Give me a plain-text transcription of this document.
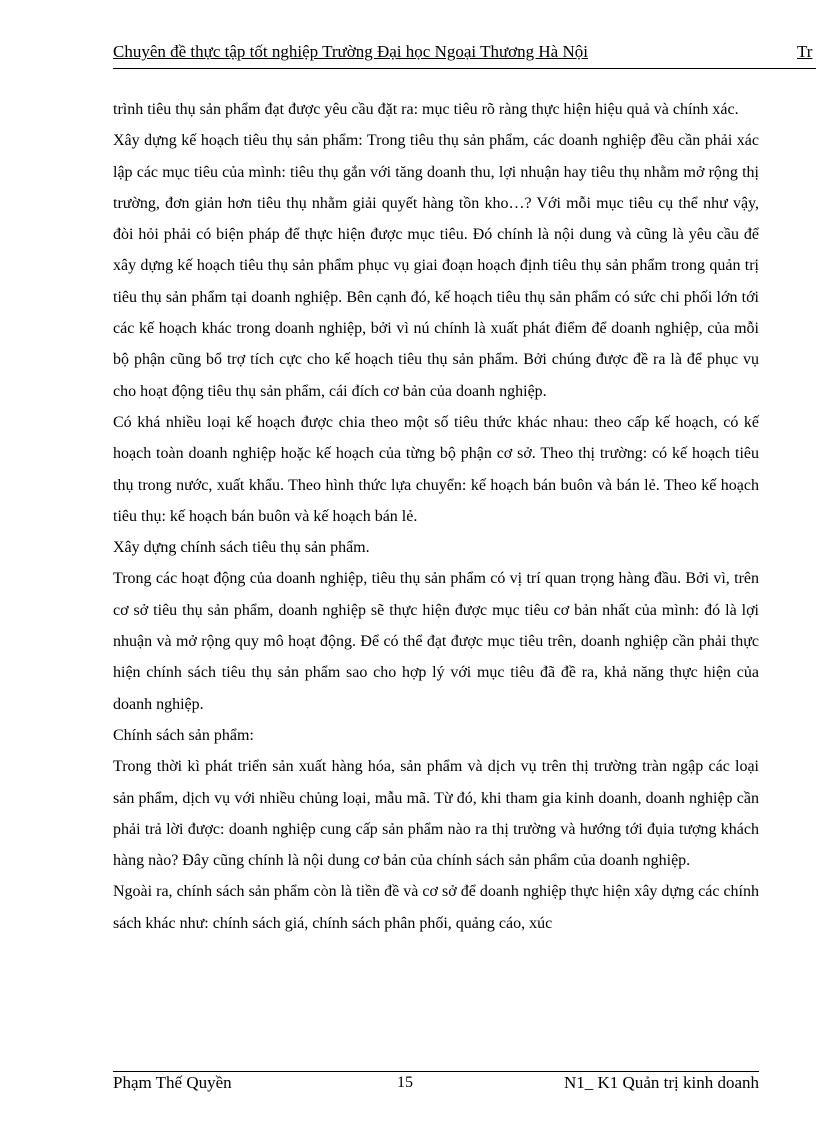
Chuyên đề thực tập tốt nghiệp Trường Đại học Ngoại Thương Hà Nội	Tr

trình tiêu thụ sản phẩm đạt được yêu cầu đặt ra: mục tiêu rõ ràng thực hiện hiệu quả và chính xác.

Xây dựng kế hoạch tiêu thụ sản phẩm: Trong tiêu thụ sản phẩm, các doanh nghiệp đều cần phải xác lập các mục tiêu của mình: tiêu thụ gắn với tăng doanh thu, lợi nhuận hay tiêu thụ nhằm mở rộng thị trường, đơn giản hơn tiêu thụ nhằm giải quyết hàng tồn kho…? Với mỗi mục tiêu cụ thể như vậy, đòi hỏi phải có biện pháp để thực hiện được mục tiêu. Đó chính là nội dung và cũng là yêu cầu để xây dựng kế hoạch tiêu thụ sản phẩm phục vụ giai đoạn hoạch định tiêu thụ sản phẩm trong quản trị tiêu thụ sản phẩm tại doanh nghiệp. Bên cạnh đó, kế hoạch tiêu thụ sản phẩm có sức chi phối lớn tới các kế hoạch khác trong doanh nghiệp, bởi vì nú chính là xuất phát điểm để doanh nghiệp, của mỗi bộ phận cũng bổ trợ tích cực cho kế hoạch tiêu thụ sản phẩm. Bởi chúng được đề ra là để phục vụ cho hoạt động tiêu thụ sản phẩm, cái đích cơ bản của doanh nghiệp.

Có khá nhiều loại kế hoạch được chia theo một số tiêu thức khác nhau: theo cấp kế hoạch, có kế hoạch toàn doanh nghiệp hoặc kế hoạch của từng bộ phận cơ sở. Theo thị trường: có kế hoạch tiêu thụ trong nước, xuất khẩu. Theo hình thức lựa chuyển: kế hoạch bán buôn và bán lẻ. Theo kế hoạch tiêu thụ: kế hoạch bán buôn và kế hoạch bán lẻ.

Xây dựng chính sách tiêu thụ sản phẩm.

Trong các hoạt động của doanh nghiệp, tiêu thụ sản phẩm có vị trí quan trọng hàng đầu. Bởi vì, trên cơ sở tiêu thụ sản phẩm, doanh nghiệp sẽ thực hiện được mục tiêu cơ bản nhất của mình: đó là lợi nhuận và mở rộng quy mô hoạt động. Để có thể đạt được mục tiêu trên, doanh nghiệp cần phải thực hiện chính sách tiêu thụ sản phẩm sao cho hợp lý với mục tiêu đã đề ra, khả năng thực hiện của doanh nghiệp.

Chính sách sản phẩm:

Trong thời kì phát triển sản xuất hàng hóa, sản phẩm và dịch vụ trên thị trường tràn ngập các loại sản phẩm, dịch vụ với nhiều chủng loại, mẫu mã. Từ đó, khi tham gia kinh doanh, doanh nghiệp cần phải trả lời được: doanh nghiệp cung cấp sản phẩm nào ra thị trường và hướng tới đụia tượng khách hàng nào? Đây cũng chính là nội dung cơ bản của chính sách sản phẩm của doanh nghiệp.

Ngoài ra, chính sách sản phẩm còn là tiền đề và cơ sở để doanh nghiệp thực hiện xây dựng các chính sách khác như: chính sách giá, chính sách phân phối, quảng cáo, xúc

Phạm Thế Quyền	15	N1_ K1 Quản trị kinh doanh
